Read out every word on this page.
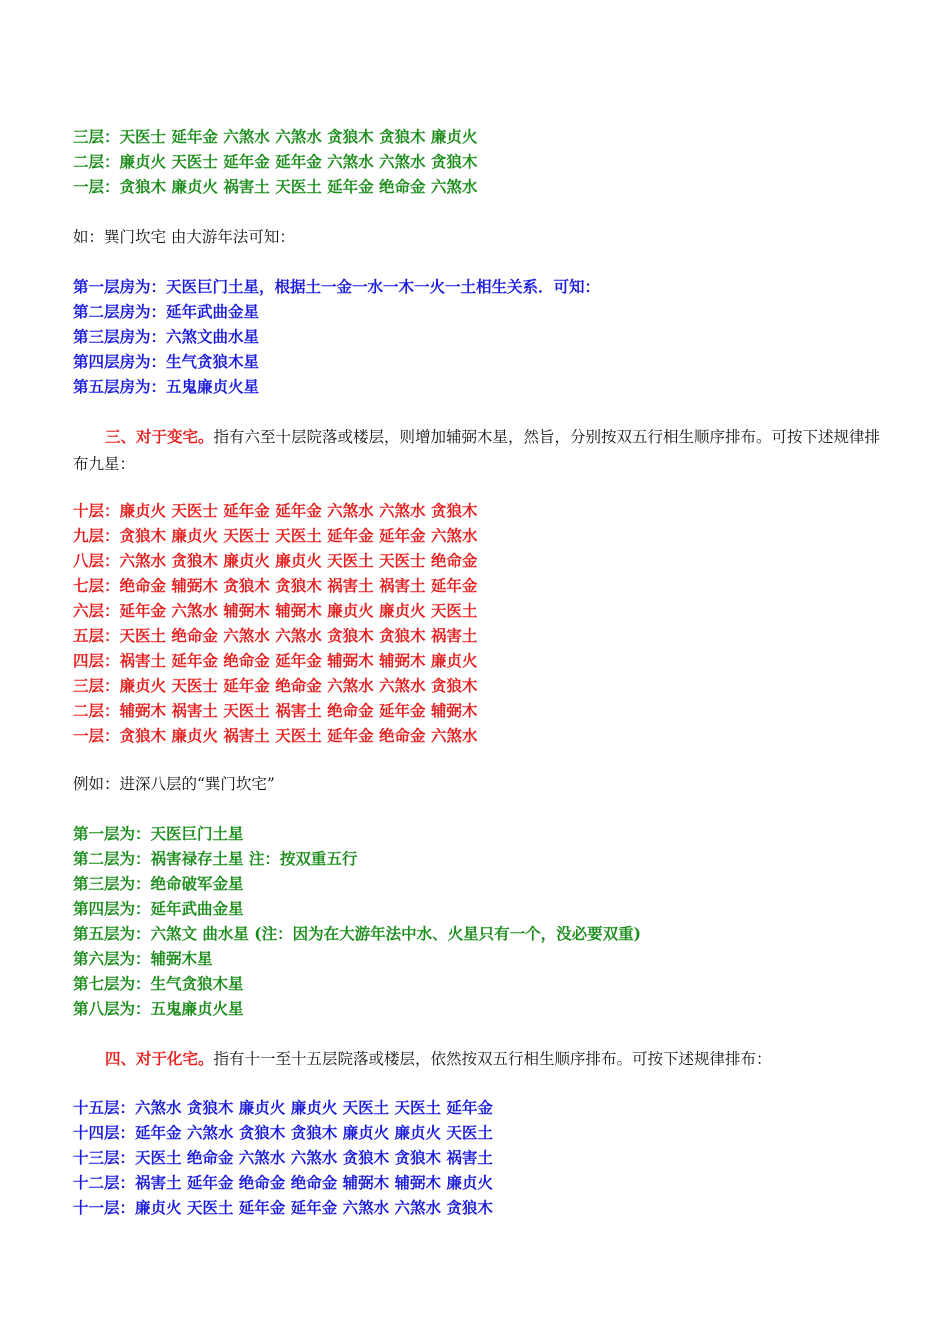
三层：天医士 延年金 六煞水 六煞水 贪狼木 贪狼木 廉贞火
二层：廉贞火 天医士 延年金 延年金 六煞水 六煞水 贪狼木
一层：贪狼木 廉贞火 祸害土 天医土 延年金 绝命金 六煞水
如：巽门坎宅 由大游年法可知：
第一层房为：天医巨门土星，根据土一金一水一木一火一土相生关系．可知：
第二层房为：延年武曲金星
第三层房为：六煞文曲水星
第四层房为：生气贪狼木星
第五层房为：五鬼廉贞火星
三、对于变宅。指有六至十层院落或楼层，则增加辅弼木星，然旨，分别按双五行相生顺序排布。可按下述规律排布九星：
十层：廉贞火 天医士 延年金 延年金 六煞水 六煞水 贪狼木
九层：贪狼木 廉贞火 天医士 天医土 延年金 延年金 六煞水
八层：六煞水 贪狼木 廉贞火 廉贞火 天医土 天医士 绝命金
七层：绝命金 辅弼木 贪狼木 贪狼木 祸害土 祸害土 延年金
六层：延年金 六煞水 辅弼木 辅弼木 廉贞火 廉贞火 天医土
五层：天医土 绝命金 六煞水 六煞水 贪狼木 贪狼木 祸害土
四层：祸害土 延年金 绝命金 延年金 辅弼木 辅弼木 廉贞火
三层：廉贞火 天医士 延年金 绝命金 六煞水 六煞水 贪狼木
二层：辅弼木 祸害土 天医土 祸害土 绝命金 延年金 辅弼木
一层：贪狼木 廉贞火 祸害土 天医土 延年金 绝命金 六煞水
例如：进深八层的“巽门坎宅”
第一层为：天医巨门土星
第二层为：祸害禄存土星 注：按双重五行
第三层为：绝命破军金星
第四层为：延年武曲金星
第五层为：六煞文 曲水星 (注：因为在大游年法中水、火星只有一个，没必要双重)
第六层为：辅弼木星
第七层为：生气贪狼木星
第八层为：五鬼廉贞火星
四、对于化宅。指有十一至十五层院落或楼层，依然按双五行相生顺序排布。可按下述规律排布：
十五层：六煞水 贪狼木 廉贞火 廉贞火 天医土 天医土 延年金
十四层：延年金 六煞水 贪狼木 贪狼木 廉贞火 廉贞火 天医土
十三层：天医土 绝命金 六煞水 六煞水 贪狼木 贪狼木 祸害土
十二层：祸害土 延年金 绝命金 绝命金 辅弼木 辅弼木 廉贞火
十一层：廉贞火 天医土 延年金 延年金 六煞水 六煞水 贪狼木
